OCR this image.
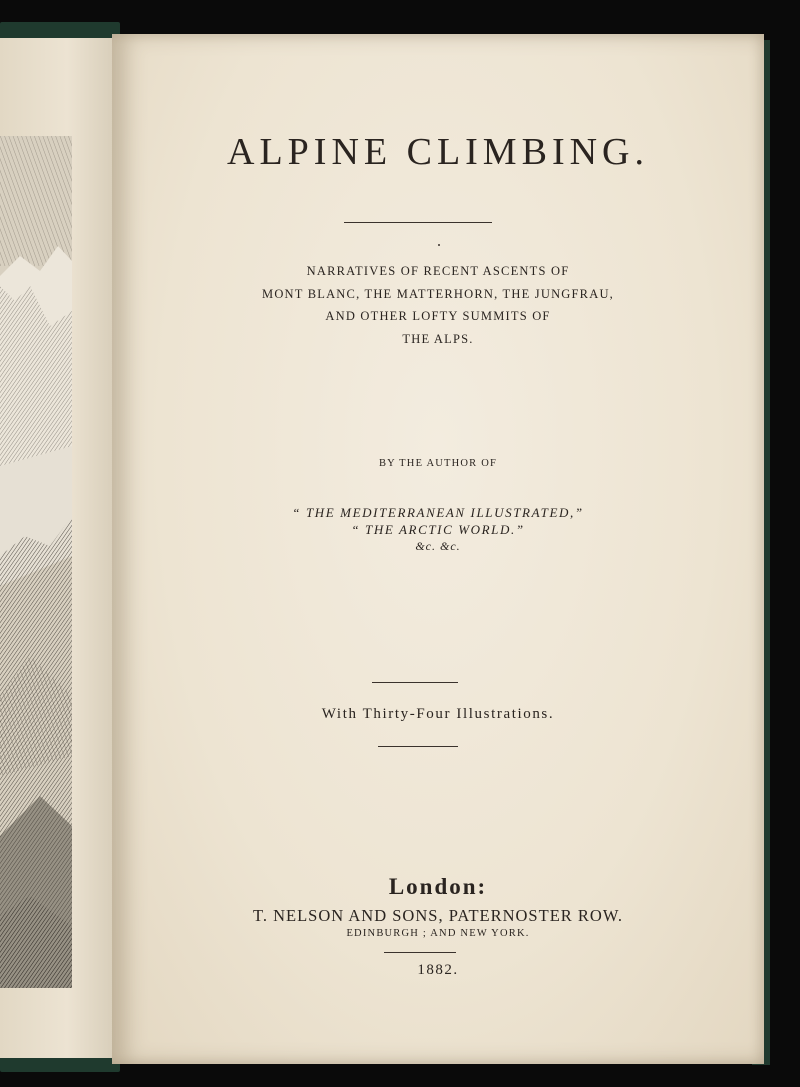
ALPINE CLIMBING.
NARRATIVES OF RECENT ASCENTS OF
MONT BLANC, THE MATTERHORN, THE JUNGFRAU,
AND OTHER LOFTY SUMMITS OF
THE ALPS.
BY THE AUTHOR OF
“ THE MEDITERRANEAN ILLUSTRATED,”
“ THE ARCTIC WORLD.”
&c. &c.
With Thirty-Four Illustrations.
London:
T. NELSON AND SONS, PATERNOSTER ROW.
EDINBURGH ; AND NEW YORK.
1882.
